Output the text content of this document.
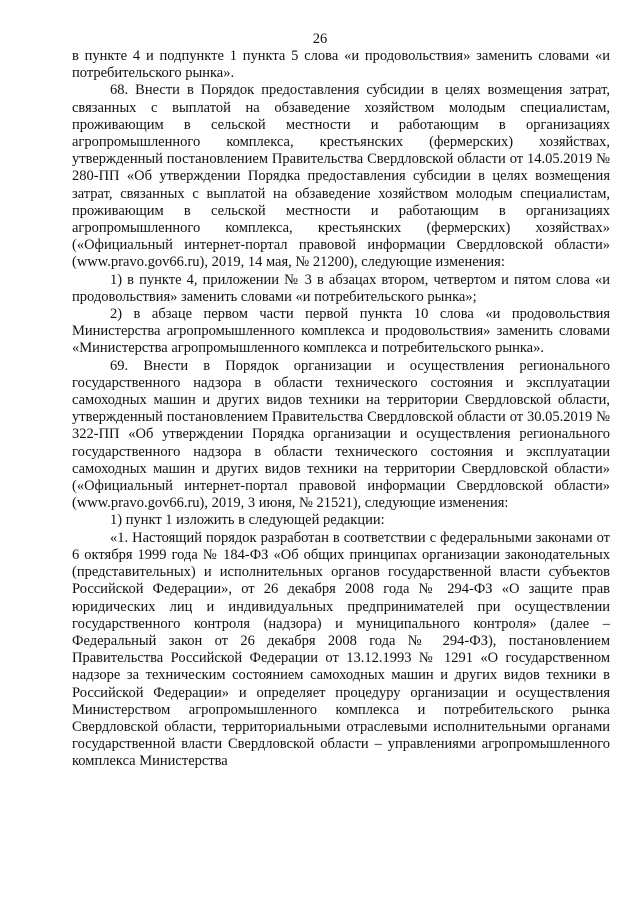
26

в пункте 4 и подпункте 1 пункта 5 слова «и продовольствия» заменить словами «и потребительского рынка».

68. Внести в Порядок предоставления субсидии в целях возмещения затрат, связанных с выплатой на обзаведение хозяйством молодым специалистам, проживающим в сельской местности и работающим в организациях агропромышленного комплекса, крестьянских (фермерских) хозяйствах, утвержденный постановлением Правительства Свердловской области от 14.05.2019 № 280-ПП «Об утверждении Порядка предоставления субсидии в целях возмещения затрат, связанных с выплатой на обзаведение хозяйством молодым специалистам, проживающим в сельской местности и работающим в организациях агропромышленного комплекса, крестьянских (фермерских) хозяйствах» («Официальный интернет-портал правовой информации Свердловской области» (www.pravo.gov66.ru), 2019, 14 мая, № 21200), следующие изменения:

1) в пункте 4, приложении № 3 в абзацах втором, четвертом и пятом слова «и продовольствия» заменить словами «и потребительского рынка»;

2) в абзаце первом части первой пункта 10 слова «и продовольствия Министерства агропромышленного комплекса и продовольствия» заменить словами «Министерства агропромышленного комплекса и потребительского рынка».

69. Внести в Порядок организации и осуществления регионального государственного надзора в области технического состояния и эксплуатации самоходных машин и других видов техники на территории Свердловской области, утвержденный постановлением Правительства Свердловской области от 30.05.2019 № 322-ПП «Об утверждении Порядка организации и осуществления регионального государственного надзора в области технического состояния и эксплуатации самоходных машин и других видов техники на территории Свердловской области» («Официальный интернет-портал правовой информации Свердловской области» (www.pravo.gov66.ru), 2019, 3 июня, № 21521), следующие изменения:

1) пункт 1 изложить в следующей редакции:

«1. Настоящий порядок разработан в соответствии с федеральными законами от 6 октября 1999 года № 184-ФЗ «Об общих принципах организации законодательных (представительных) и исполнительных органов государственной власти субъектов Российской Федерации», от 26 декабря 2008 года № 294-ФЗ «О защите прав юридических лиц и индивидуальных предпринимателей при осуществлении государственного контроля (надзора) и муниципального контроля» (далее – Федеральный закон от 26 декабря 2008 года № 294-ФЗ), постановлением Правительства Российской Федерации от 13.12.1993 № 1291 «О государственном надзоре за техническим состоянием самоходных машин и других видов техники в Российской Федерации» и определяет процедуру организации и осуществления Министерством агропромышленного комплекса и потребительского рынка Свердловской области, территориальными отраслевыми исполнительными органами государственной власти Свердловской области – управлениями агропромышленного комплекса Министерства
